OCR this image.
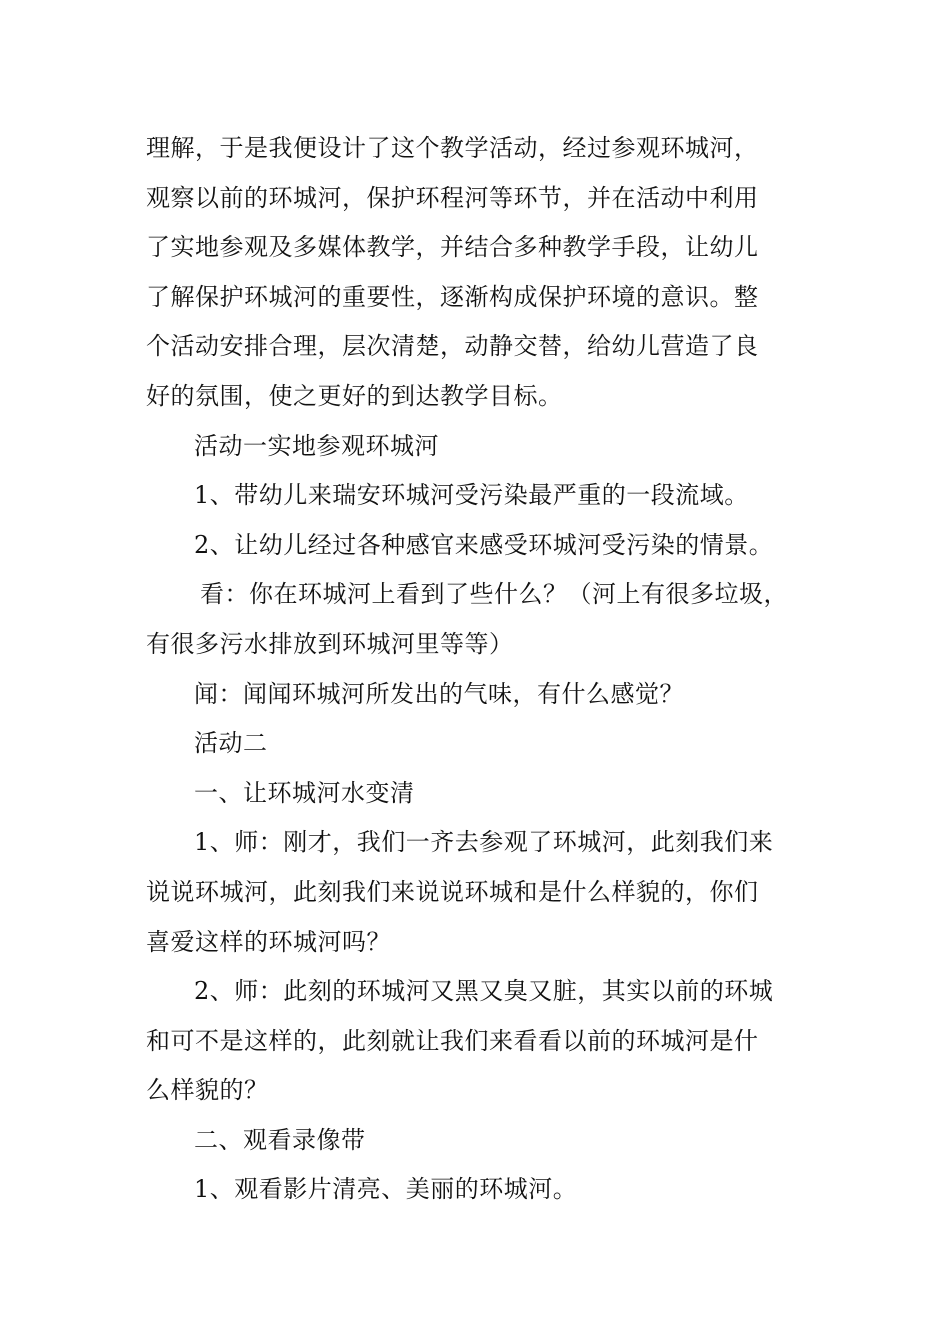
理解，于是我便设计了这个教学活动，经过参观环城河，
观察以前的环城河，保护环程河等环节，并在活动中利用
了实地参观及多媒体教学，并结合多种教学手段，让幼儿
了解保护环城河的重要性，逐渐构成保护环境的意识。整
个活动安排合理，层次清楚，动静交替，给幼儿营造了良
好的氛围，使之更好的到达教学目标。
活动一实地参观环城河
1、带幼儿来瑞安环城河受污染最严重的一段流域。
2、让幼儿经过各种感官来感受环城河受污染的情景。
看：你在环城河上看到了些什么？（河上有很多垃圾，
有很多污水排放到环城河里等等）
闻：闻闻环城河所发出的气味，有什么感觉？
活动二
一、让环城河水变清
1、师：刚才，我们一齐去参观了环城河，此刻我们来
说说环城河，此刻我们来说说环城和是什么样貌的，你们
喜爱这样的环城河吗？
2、师：此刻的环城河又黑又臭又脏，其实以前的环城
和可不是这样的，此刻就让我们来看看以前的环城河是什
么样貌的？
二、观看录像带
1、观看影片清亮、美丽的环城河。
